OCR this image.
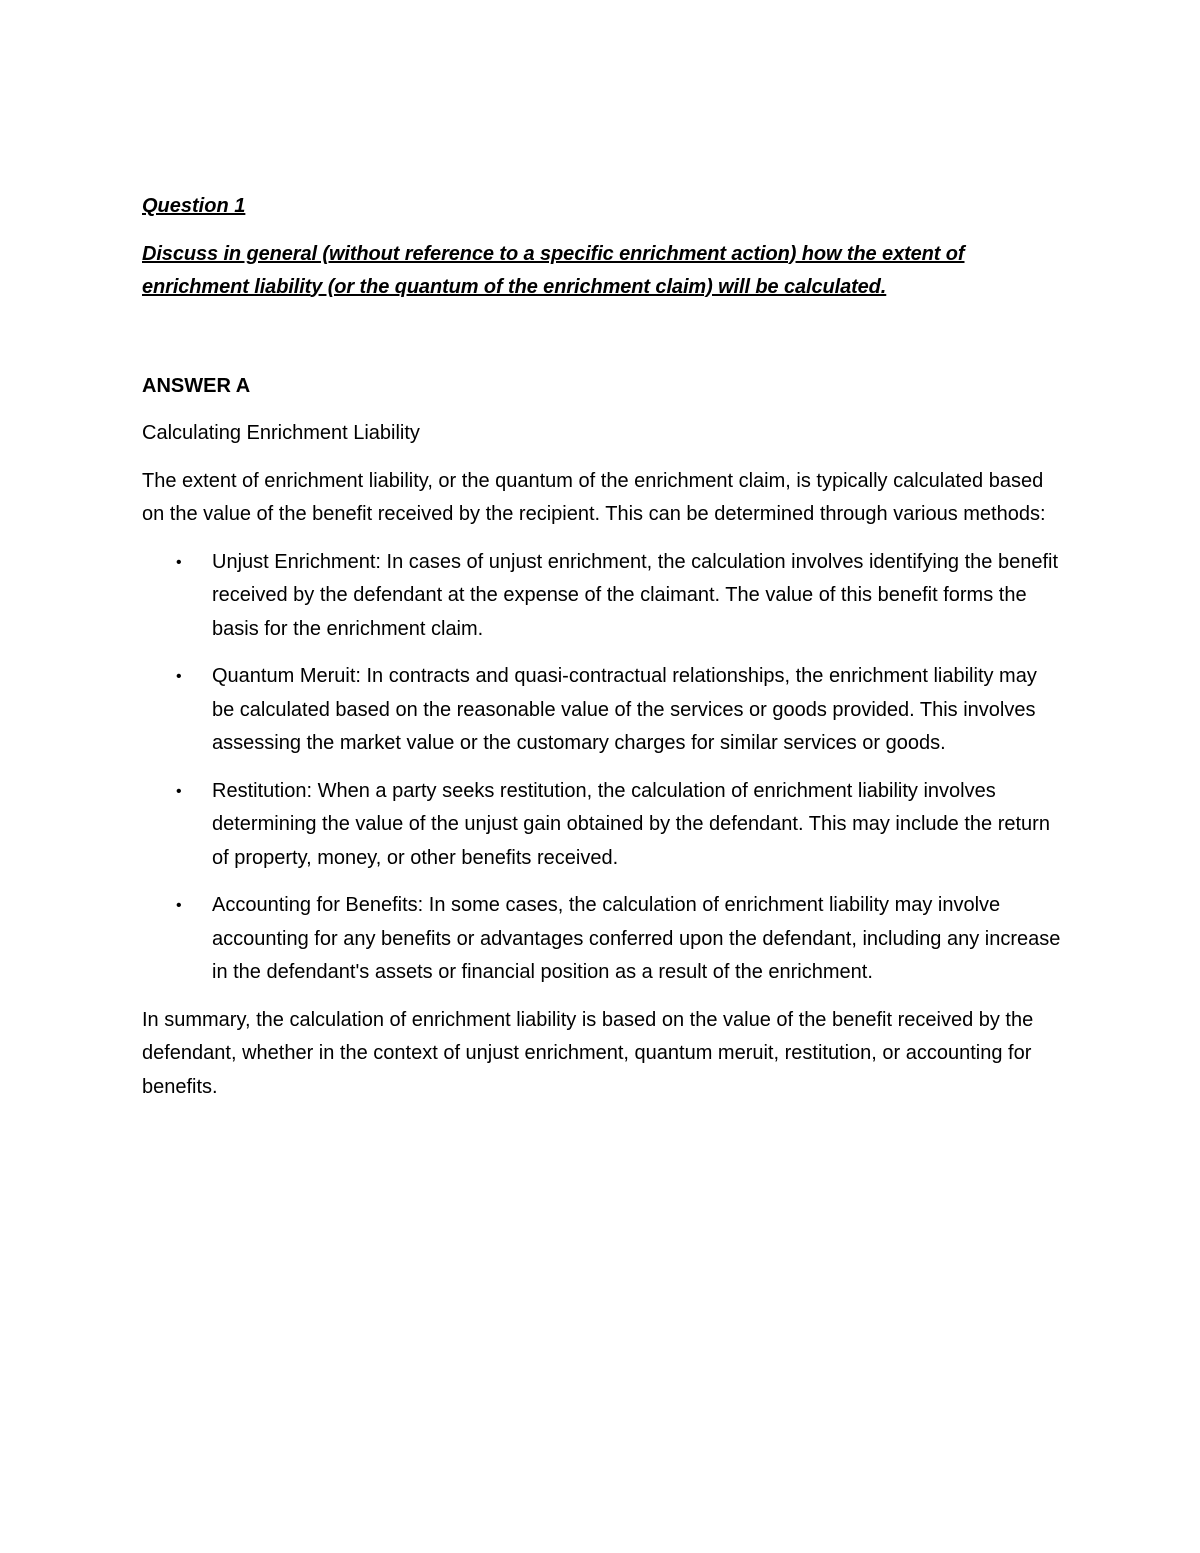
Question 1

Discuss in general (without reference to a specific enrichment action) how the extent of enrichment liability (or the quantum of the enrichment claim) will be calculated.

ANSWER A

Calculating Enrichment Liability

The extent of enrichment liability, or the quantum of the enrichment claim, is typically calculated based on the value of the benefit received by the recipient. This can be determined through various methods:

• Unjust Enrichment: In cases of unjust enrichment, the calculation involves identifying the benefit received by the defendant at the expense of the claimant. The value of this benefit forms the basis for the enrichment claim.
• Quantum Meruit: In contracts and quasi-contractual relationships, the enrichment liability may be calculated based on the reasonable value of the services or goods provided. This involves assessing the market value or the customary charges for similar services or goods.
• Restitution: When a party seeks restitution, the calculation of enrichment liability involves determining the value of the unjust gain obtained by the defendant. This may include the return of property, money, or other benefits received.
• Accounting for Benefits: In some cases, the calculation of enrichment liability may involve accounting for any benefits or advantages conferred upon the defendant, including any increase in the defendant's assets or financial position as a result of the enrichment.

In summary, the calculation of enrichment liability is based on the value of the benefit received by the defendant, whether in the context of unjust enrichment, quantum meruit, restitution, or accounting for benefits.
